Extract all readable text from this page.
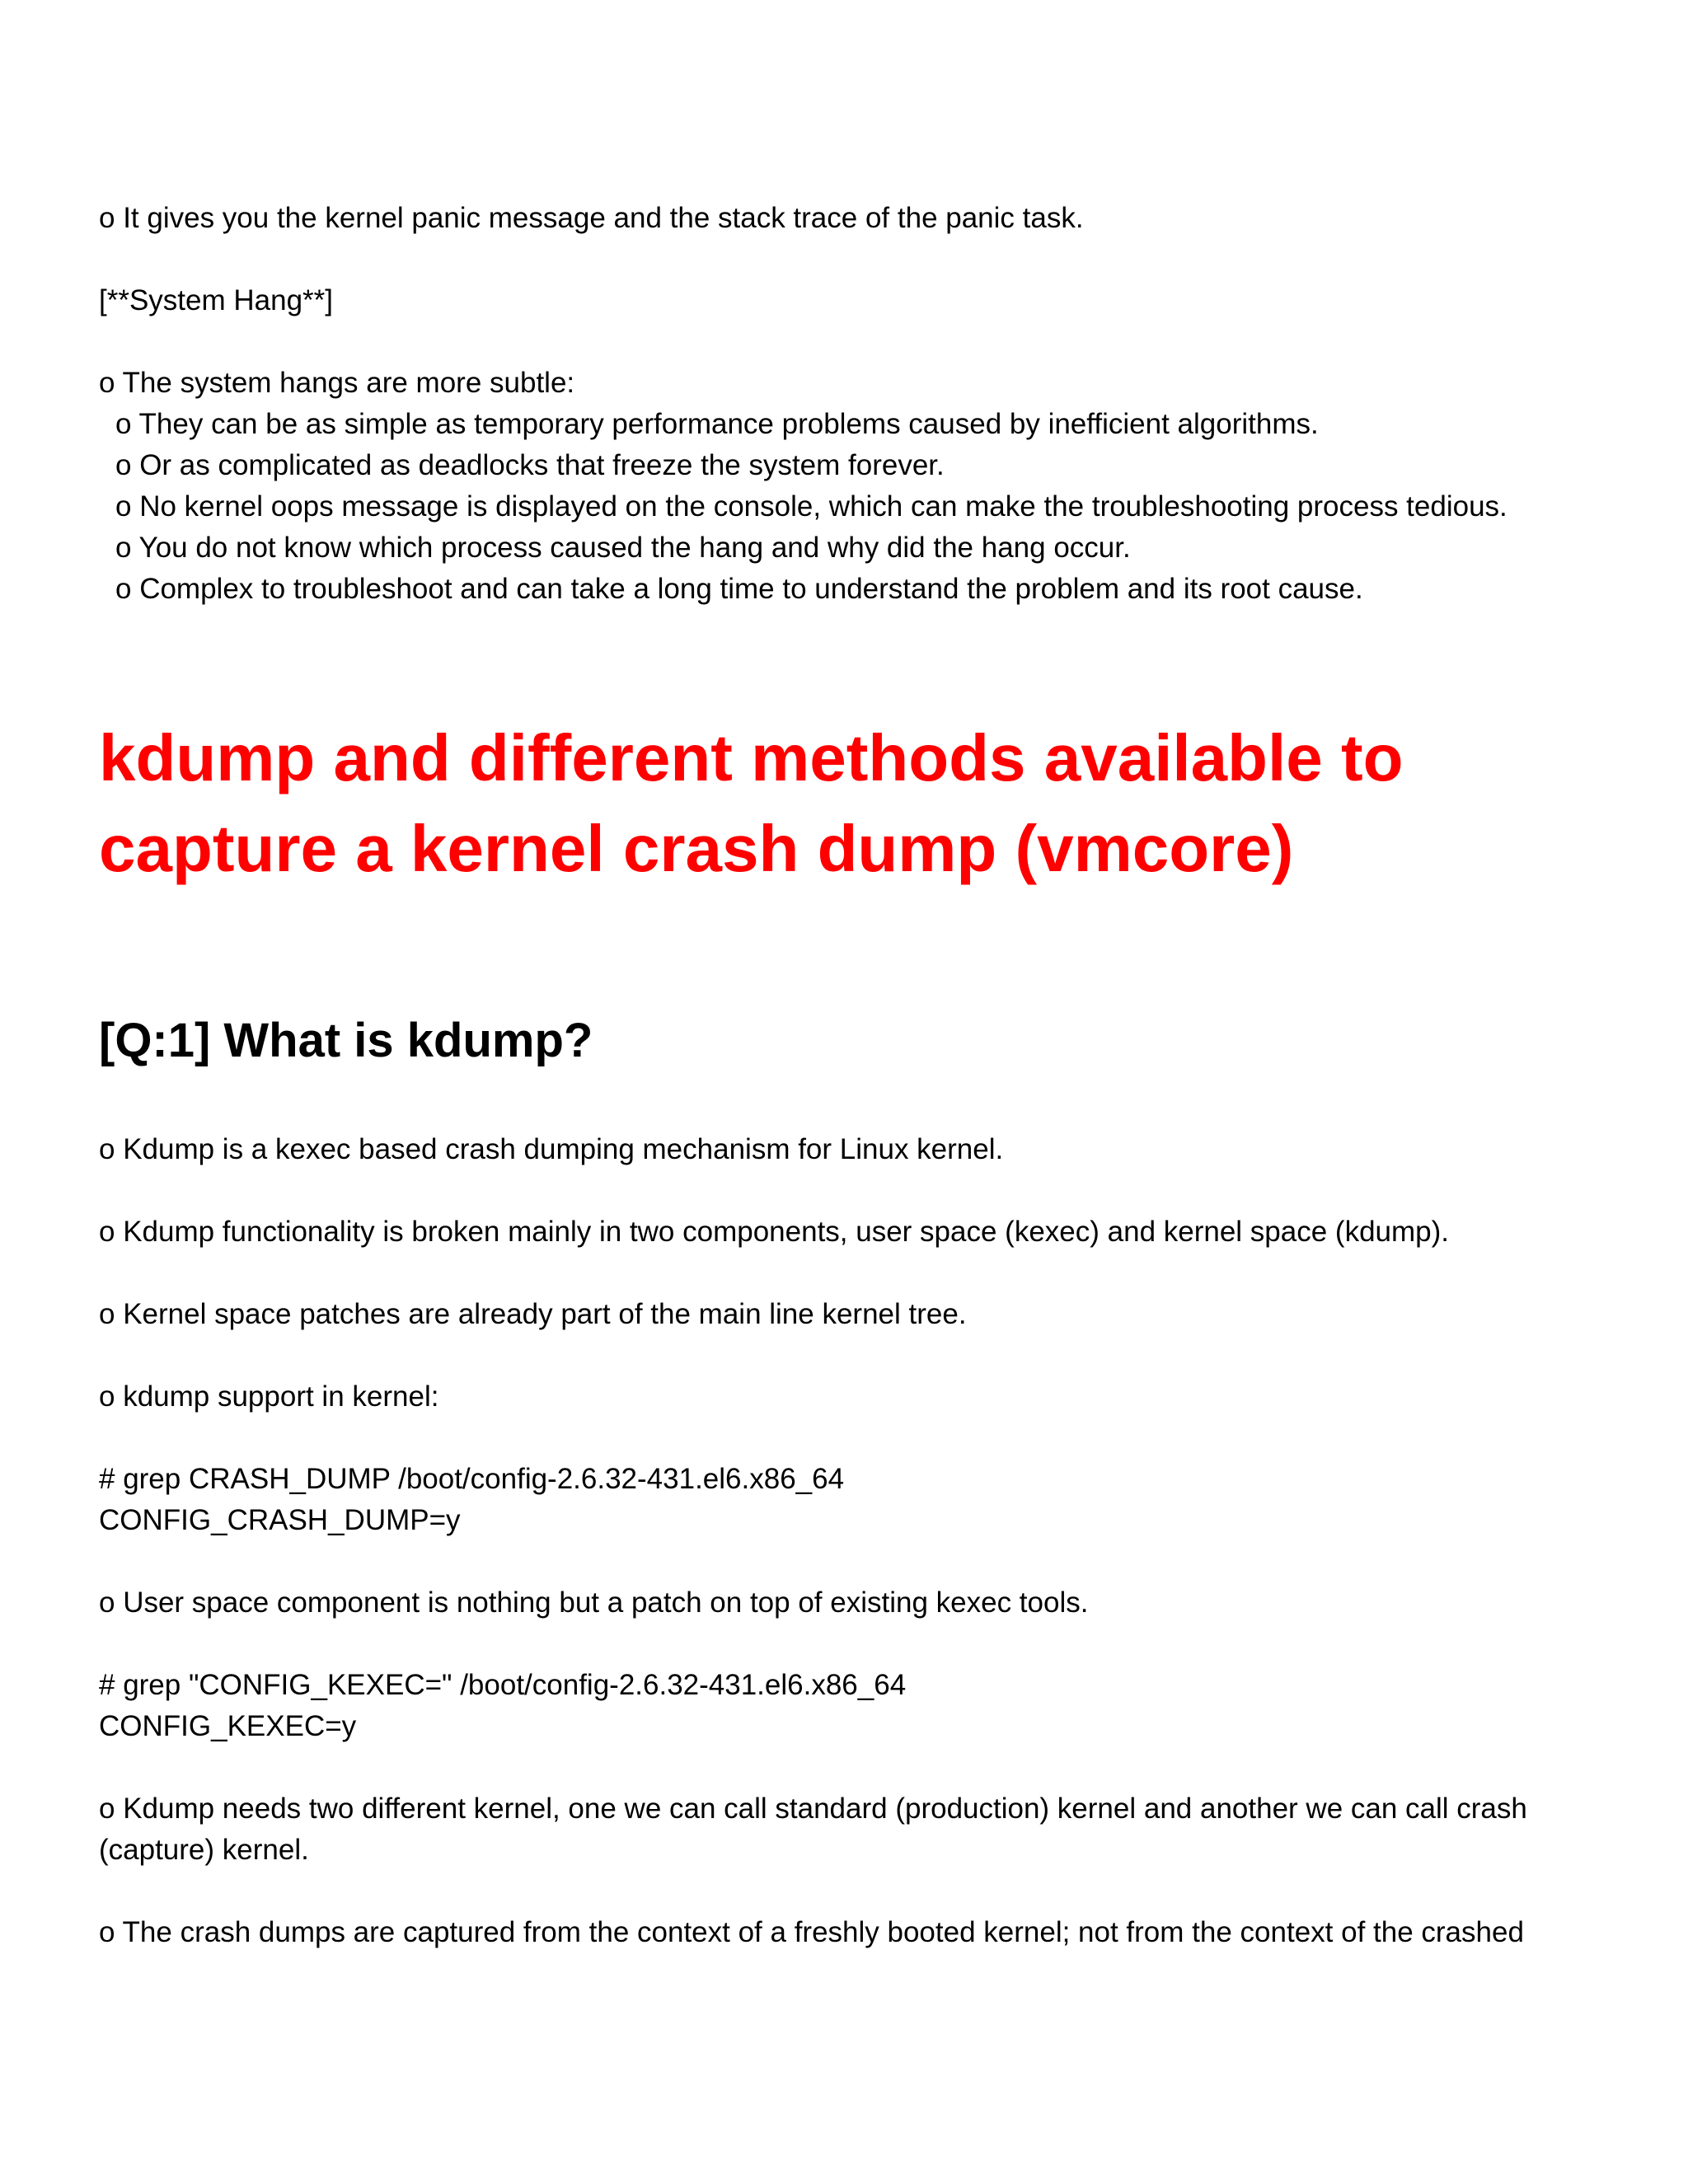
o It gives you the kernel panic message and the stack trace of the panic task.
[**System Hang**]
o The system hangs are more subtle:
o They can be as simple as temporary performance problems caused by inefficient algorithms.
o Or as complicated as deadlocks that freeze the system forever.
o No kernel oops message is displayed on the console, which can make the troubleshooting process tedious.
o You do not know which process caused the hang and why did the hang occur.
o Complex to troubleshoot and can take a long time to understand the problem and its root cause.
kdump and different methods available to
capture a kernel crash dump (vmcore)
[Q:1] What is kdump?
o Kdump is a kexec based crash dumping mechanism for Linux kernel.
o Kdump functionality is broken mainly in two components, user space (kexec) and kernel space (kdump).
o Kernel space patches are already part of the main line kernel tree.
o kdump support in kernel:
# grep CRASH_DUMP /boot/config-2.6.32-431.el6.x86_64
CONFIG_CRASH_DUMP=y
o User space component is nothing but a patch on top of existing kexec tools.
# grep "CONFIG_KEXEC=" /boot/config-2.6.32-431.el6.x86_64
CONFIG_KEXEC=y
o Kdump needs two different kernel, one we can call standard (production) kernel and another we can call crash
(capture) kernel.
o The crash dumps are captured from the context of a freshly booted kernel; not from the context of the crashed
